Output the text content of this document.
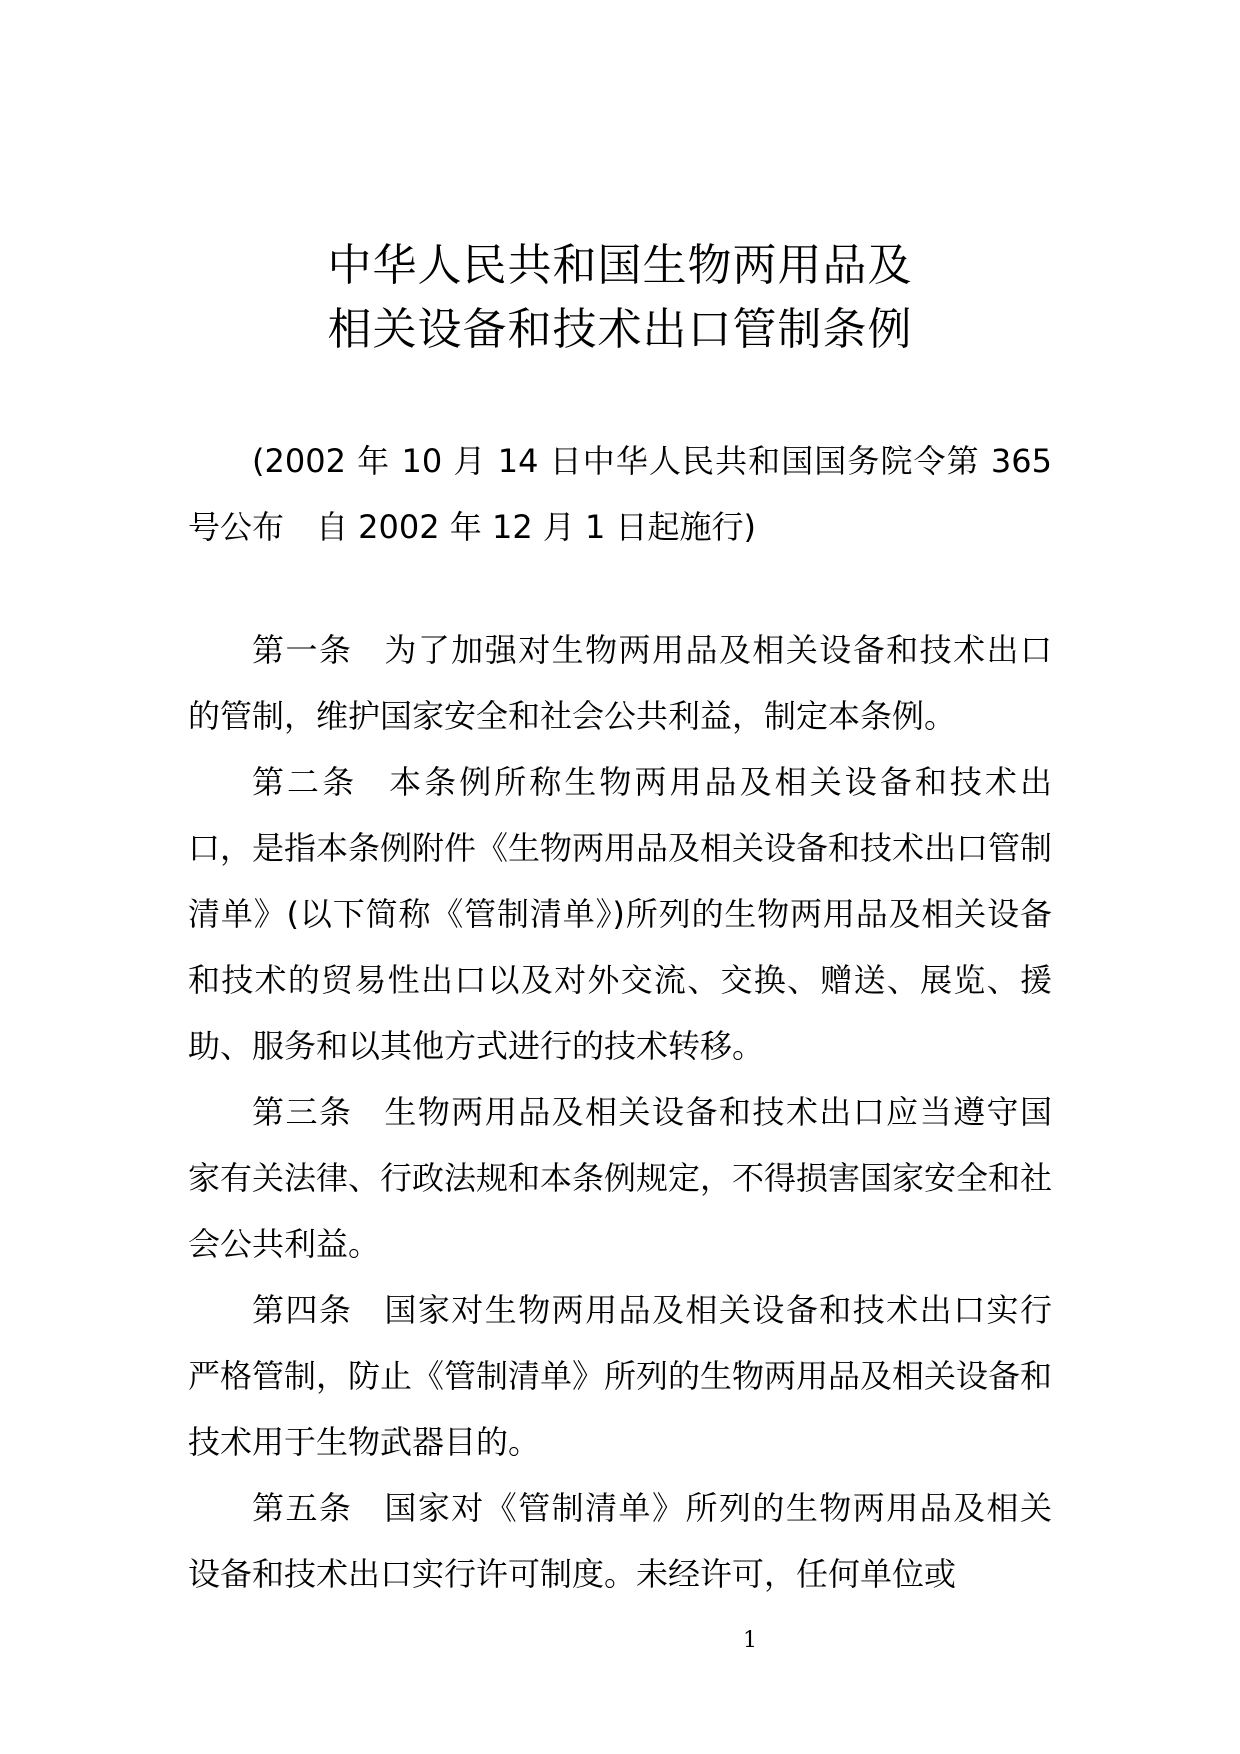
中华人民共和国生物两用品及
相关设备和技术出口管制条例

(2002 年 10 月 14 日中华人民共和国国务院令第 365 号公布　自 2002 年 12 月 1 日起施行)

第一条 为了加强对生物两用品及相关设备和技术出口的管制，维护国家安全和社会公共利益，制定本条例。

第二条 本条例所称生物两用品及相关设备和技术出口，是指本条例附件《生物两用品及相关设备和技术出口管制清单》(以下简称《管制清单》)所列的生物两用品及相关设备和技术的贸易性出口以及对外交流、交换、赠送、展览、援助、服务和以其他方式进行的技术转移。

第三条 生物两用品及相关设备和技术出口应当遵守国家有关法律、行政法规和本条例规定，不得损害国家安全和社会公共利益。

第四条 国家对生物两用品及相关设备和技术出口实行严格管制，防止《管制清单》所列的生物两用品及相关设备和技术用于生物武器目的。

第五条 国家对《管制清单》所列的生物两用品及相关设备和技术出口实行许可制度。未经许可，任何单位或

1
